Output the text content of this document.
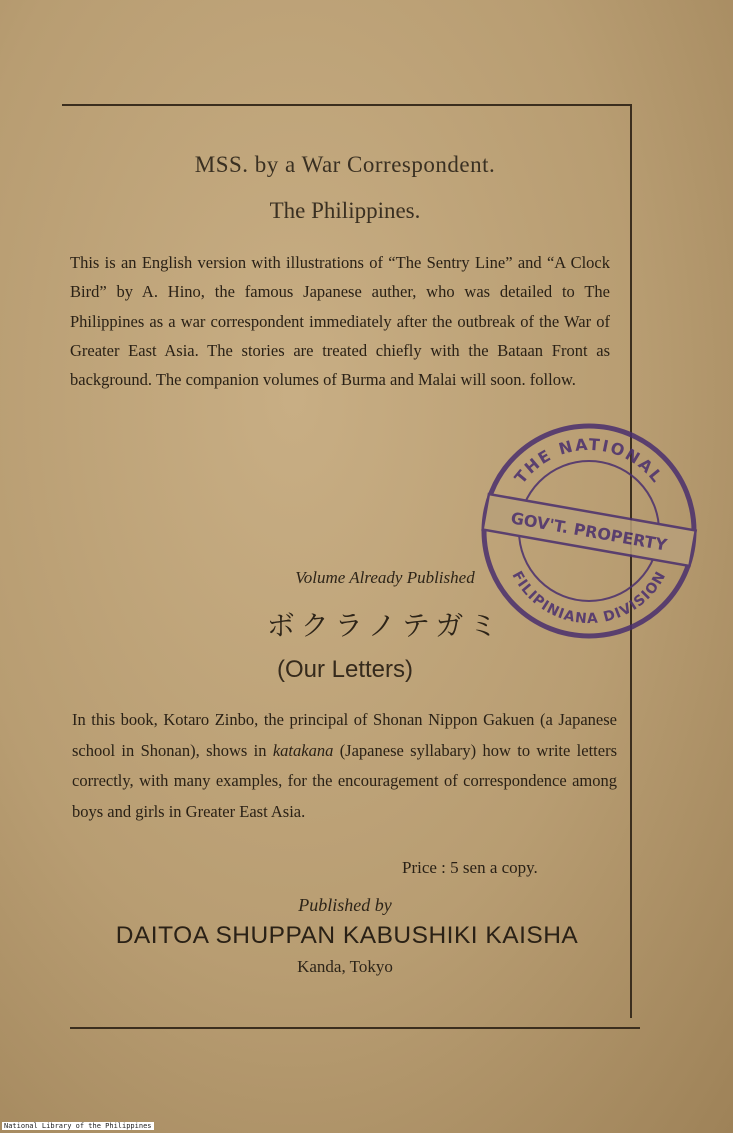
MSS. by a War Correspondent.
The Philippines.
This is an English version with illustrations of “The Sentry Line” and “A Clock Bird” by A. Hino, the famous Japanese auther, who was detailed to The Philippines as a war correspondent immediately after the outbreak of the War of Greater East Asia. The stories are treated chiefly with the Bataan Front as background. The companion volumes of Burma and Malai will soon. follow.
Volume Already Published
ボクラノテガミ
(Our Letters)
In this book, Kotaro Zinbo, the principal of Shonan Nippon Gakuen (a Japanese school in Shonan), shows in katakana (Japanese syllabary) how to write letters correctly, with many examples, for the encouragement of correspondence among boys and girls in Greater East Asia.
Price : 5 sen a copy.
Published by
DAITOA SHUPPAN KABUSHIKI KAISHA
Kanda, Tokyo
THE NATIONAL
GOV'T. PROPERTY
FILIPINIANA DIVISION
National Library of the Philippines
